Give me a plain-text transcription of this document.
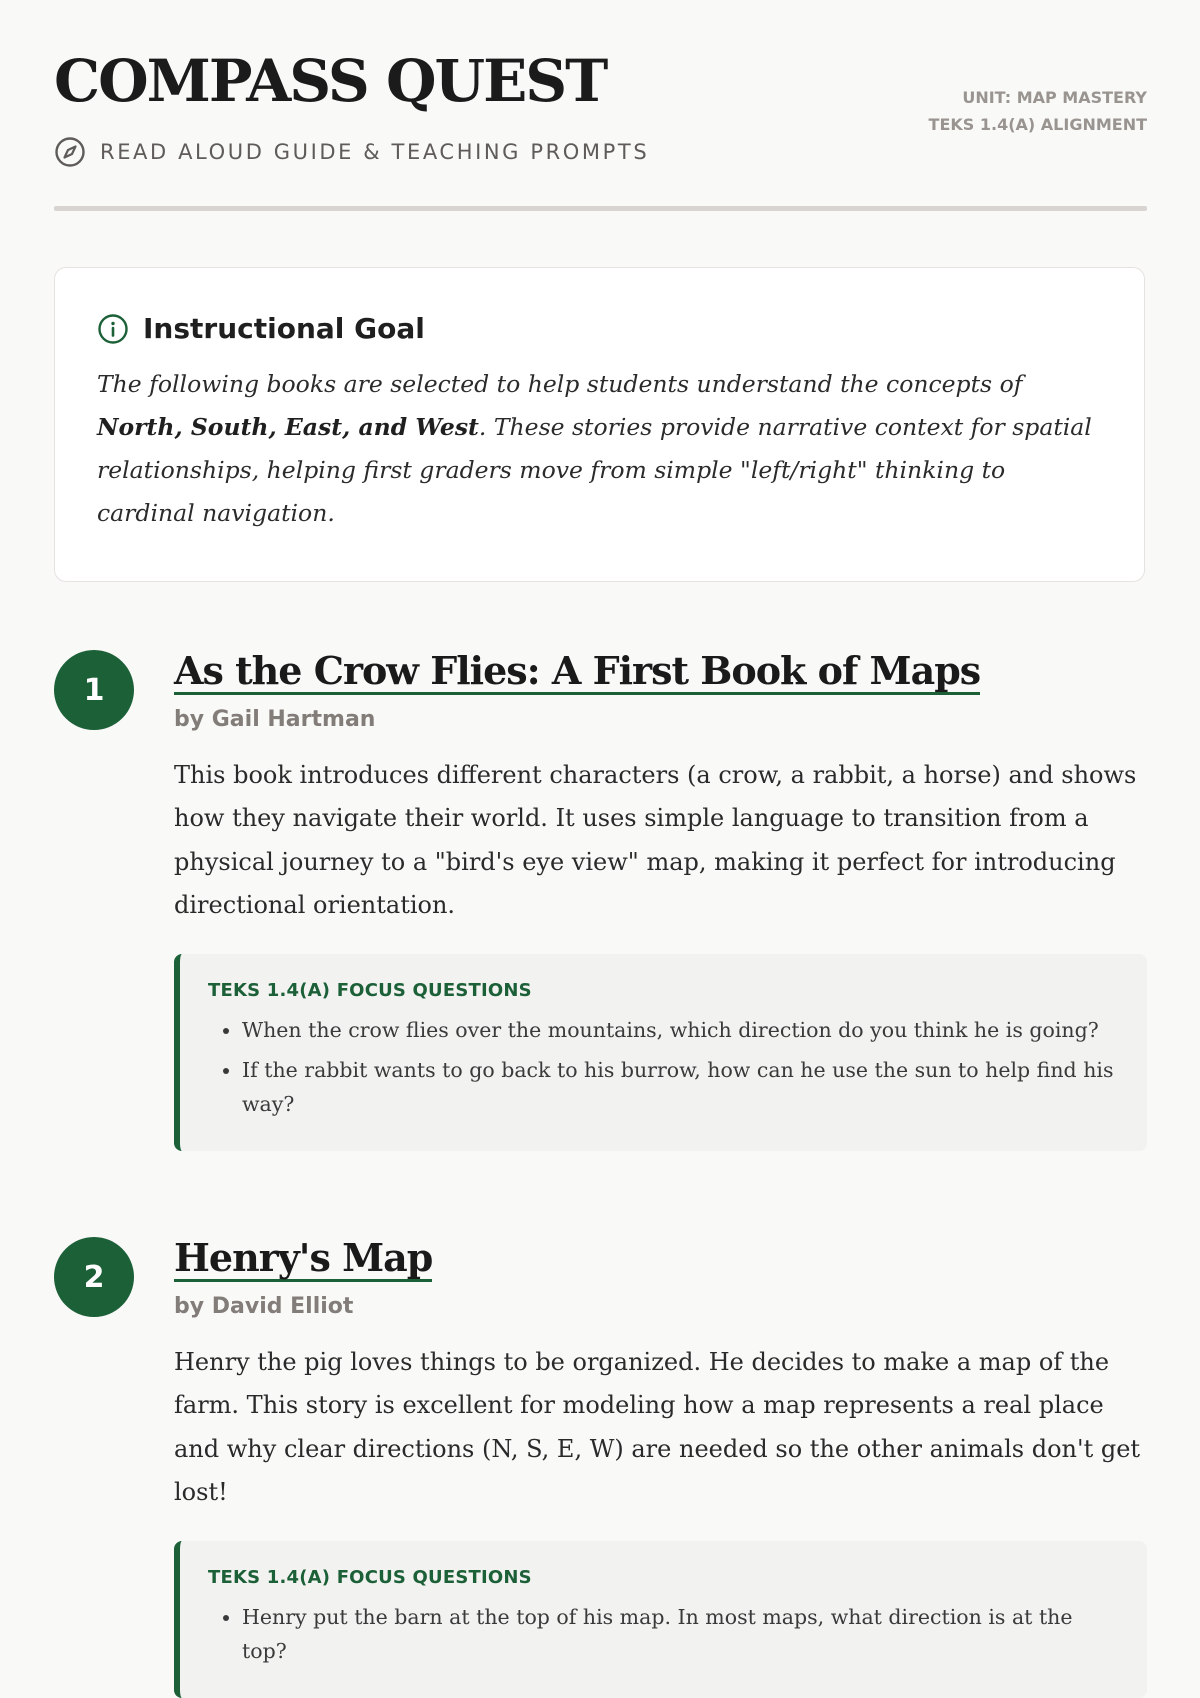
COMPASS QUEST
READ ALOUD GUIDE & TEACHING PROMPTS
UNIT: MAP MASTERY
TEKS 1.4(A) ALIGNMENT
Instructional Goal

The following books are selected to help students understand the concepts of North, South, East, and West. These stories provide narrative context for spatial relationships, helping first graders move from simple "left/right" thinking to cardinal navigation.

1	As the Crow Flies: A First Book of Maps
by Gail Hartman

This book introduces different characters (a crow, a rabbit, a horse) and shows how they navigate their world. It uses simple language to transition from a physical journey to a "bird's eye view" map, making it perfect for introducing directional orientation.

TEKS 1.4(A) FOCUS QUESTIONS
• When the crow flies over the mountains, which direction do you think he is going?
• If the rabbit wants to go back to his burrow, how can he use the sun to help find his way?
2	Henry's Map
by David Elliot

Henry the pig loves things to be organized. He decides to make a map of the farm. This story is excellent for modeling how a map represents a real place and why clear directions (N, S, E, W) are needed so the other animals don't get lost!

TEKS 1.4(A) FOCUS QUESTIONS
• Henry put the barn at the top of his map. In most maps, what direction is at the top?
